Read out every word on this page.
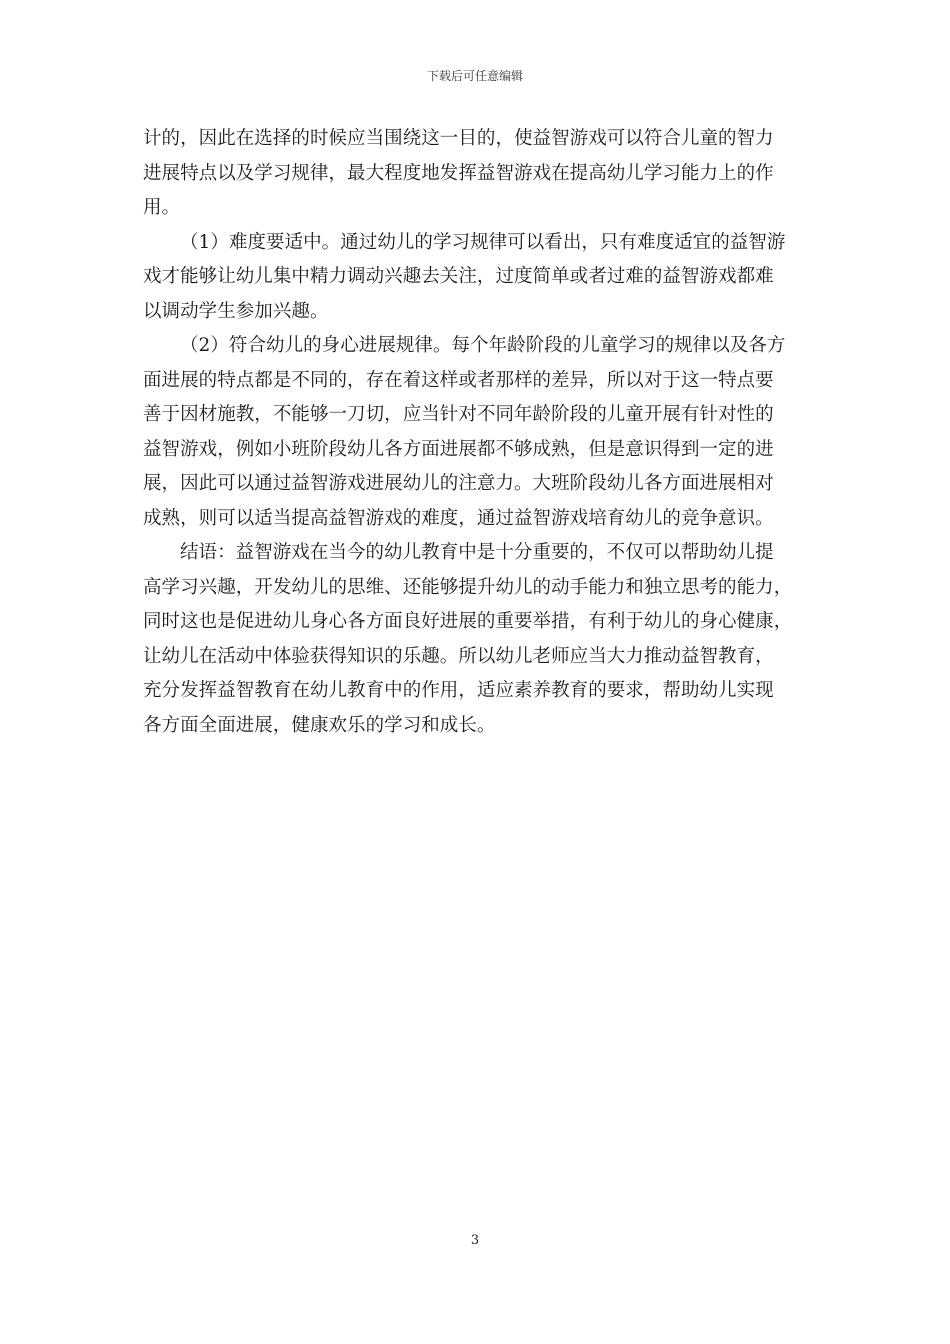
下载后可任意编辑
计的，因此在选择的时候应当围绕这一目的，使益智游戏可以符合儿童的智力
进展特点以及学习规律，最大程度地发挥益智游戏在提高幼儿学习能力上的作
用。
（1）难度要适中。通过幼儿的学习规律可以看出，只有难度适宜的益智游
戏才能够让幼儿集中精力调动兴趣去关注，过度简单或者过难的益智游戏都难
以调动学生参加兴趣。
（2）符合幼儿的身心进展规律。每个年龄阶段的儿童学习的规律以及各方
面进展的特点都是不同的，存在着这样或者那样的差异，所以对于这一特点要
善于因材施教，不能够一刀切，应当针对不同年龄阶段的儿童开展有针对性的
益智游戏，例如小班阶段幼儿各方面进展都不够成熟，但是意识得到一定的进
展，因此可以通过益智游戏进展幼儿的注意力。大班阶段幼儿各方面进展相对
成熟，则可以适当提高益智游戏的难度，通过益智游戏培育幼儿的竞争意识。
结语：益智游戏在当今的幼儿教育中是十分重要的，不仅可以帮助幼儿提
高学习兴趣，开发幼儿的思维、还能够提升幼儿的动手能力和独立思考的能力，
同时这也是促进幼儿身心各方面良好进展的重要举措，有利于幼儿的身心健康，
让幼儿在活动中体验获得知识的乐趣。所以幼儿老师应当大力推动益智教育，
充分发挥益智教育在幼儿教育中的作用，适应素养教育的要求，帮助幼儿实现
各方面全面进展，健康欢乐的学习和成长。
3
